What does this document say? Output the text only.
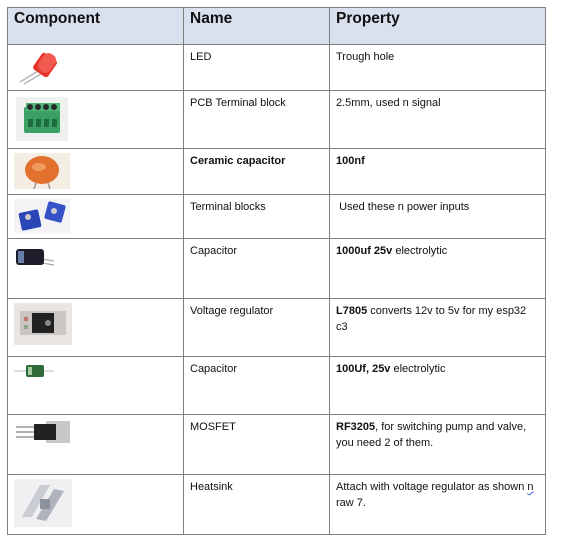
Component	Name	Property
	LED	Trough hole
	PCB Terminal block	2.5mm, used n signal
	Ceramic capacitor	100nf
	Terminal blocks	Used these n power inputs
	Capacitor	1000uf 25v electrolytic
	Voltage regulator	L7805 converts 12v to 5v for my esp32 c3
	Capacitor	100Uf, 25v electrolytic
	MOSFET	RF3205, for switching pump and valve, you need 2 of them.
	Heatsink	Attach with voltage regulator as shown n raw 7.
